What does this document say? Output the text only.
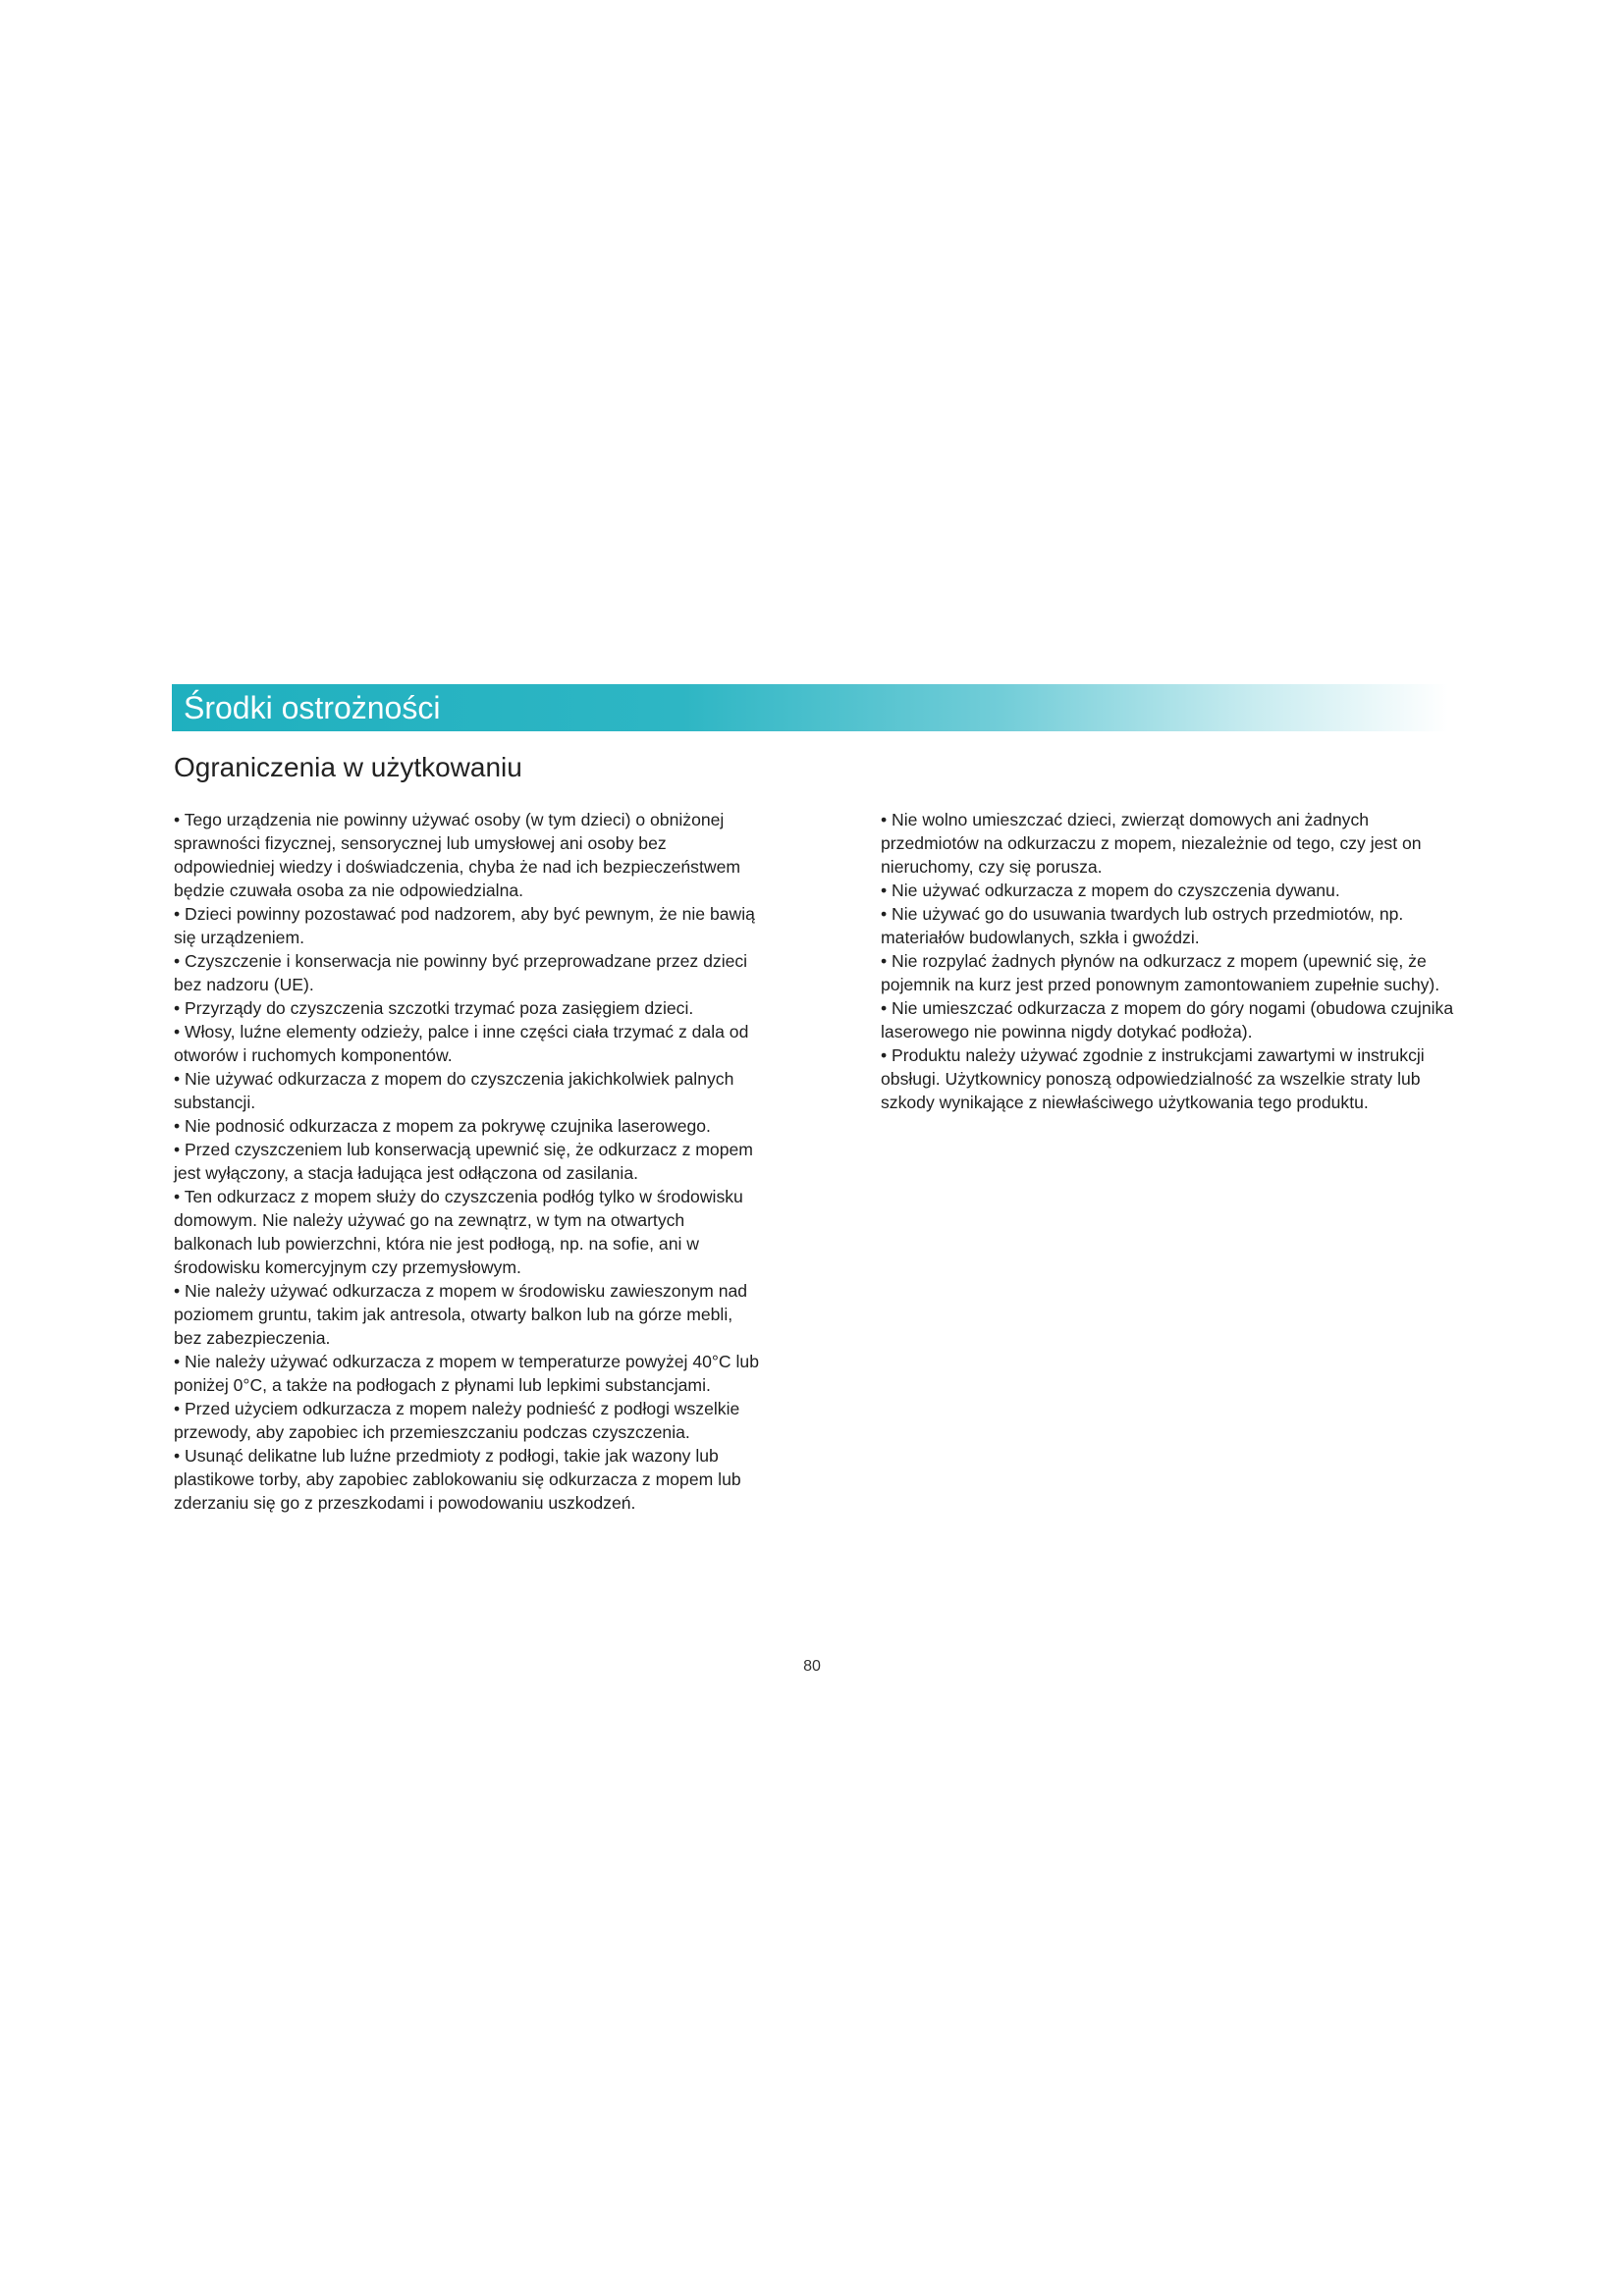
Środki ostrożności
Ograniczenia w użytkowaniu

• Tego urządzenia nie powinny używać osoby (w tym dzieci) o obniżonej sprawności fizycznej, sensorycznej lub umysłowej ani osoby bez odpowiedniej wiedzy i doświadczenia, chyba że nad ich bezpieczeństwem będzie czuwała osoba za nie odpowiedzialna.

• Dzieci powinny pozostawać pod nadzorem, aby być pewnym, że nie bawią się urządzeniem.

• Czyszczenie i konserwacja nie powinny być przeprowadzane przez dzieci bez nadzoru (UE).

• Przyrządy do czyszczenia szczotki trzymać poza zasięgiem dzieci.

• Włosy, luźne elementy odzieży, palce i inne części ciała trzymać z dala od otworów i ruchomych komponentów.

• Nie używać odkurzacza z mopem do czyszczenia jakichkolwiek palnych substancji.

• Nie podnosić odkurzacza z mopem za pokrywę czujnika laserowego.

• Przed czyszczeniem lub konserwacją upewnić się, że odkurzacz z mopem jest wyłączony, a stacja ładująca jest odłączona od zasilania.

• Ten odkurzacz z mopem służy do czyszczenia podłóg tylko w środowisku domowym. Nie należy używać go na zewnątrz, w tym na otwartych balkonach lub powierzchni, która nie jest podłogą, np. na sofie, ani w środowisku komercyjnym czy przemysłowym.

• Nie należy używać odkurzacza z mopem w środowisku zawieszonym nad poziomem gruntu, takim jak antresola, otwarty balkon lub na górze mebli, bez zabezpieczenia.

• Nie należy używać odkurzacza z mopem w temperaturze powyżej 40°C lub poniżej 0°C, a także na podłogach z płynami lub lepkimi substancjami.

• Przed użyciem odkurzacza z mopem należy podnieść z podłogi wszelkie przewody, aby zapobiec ich przemieszczaniu podczas czyszczenia.

• Usunąć delikatne lub luźne przedmioty z podłogi, takie jak wazony lub plastikowe torby, aby zapobiec zablokowaniu się odkurzacza z mopem lub zderzaniu się go z przeszkodami i powodowaniu uszkodzeń.

• Nie wolno umieszczać dzieci, zwierząt domowych ani żadnych przedmiotów na odkurzaczu z mopem, niezależnie od tego, czy jest on nieruchomy, czy się porusza.

• Nie używać odkurzacza z mopem do czyszczenia dywanu.

• Nie używać go do usuwania twardych lub ostrych przedmiotów, np. materiałów budowlanych, szkła i gwoździ.

• Nie rozpylać żadnych płynów na odkurzacz z mopem (upewnić się, że pojemnik na kurz jest przed ponownym zamontowaniem zupełnie suchy).

• Nie umieszczać odkurzacza z mopem do góry nogami (obudowa czujnika laserowego nie powinna nigdy dotykać podłoża).

• Produktu należy używać zgodnie z instrukcjami zawartymi w instrukcji obsługi. Użytkownicy ponoszą odpowiedzialność za wszelkie straty lub szkody wynikające z niewłaściwego użytkowania tego produktu.

80
